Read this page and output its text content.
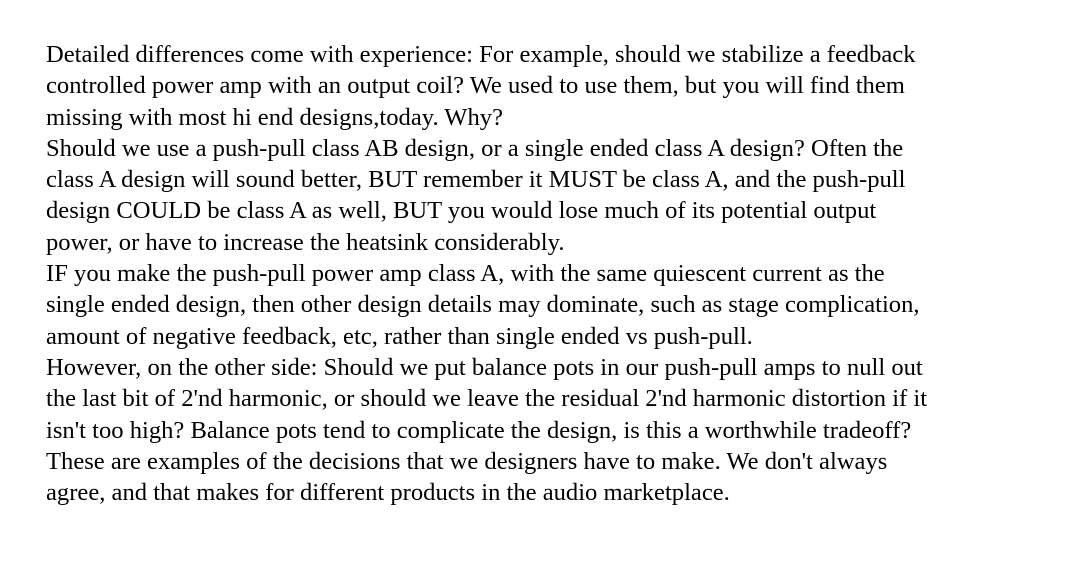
Detailed differences come with experience: For example, should we stabilize a feedback
controlled power amp with an output coil? We used to use them, but you will find them
missing with most hi end designs,today. Why?
Should we use a push-pull class AB design, or a single ended class A design? Often the
class A design will sound better, BUT remember it MUST be class A, and the push-pull
design COULD be class A as well, BUT you would lose much of its potential output
power, or have to increase the heatsink considerably.
IF you make the push-pull power amp class A, with the same quiescent current as the
single ended design, then other design details may dominate, such as stage complication,
amount of negative feedback, etc, rather than single ended vs push-pull.
However, on the other side: Should we put balance pots in our push-pull amps to null out
the last bit of 2'nd harmonic, or should we leave the residual 2'nd harmonic distortion if it
isn't too high? Balance pots tend to complicate the design, is this a worthwhile tradeoff?
These are examples of the decisions that we designers have to make. We don't always
agree, and that makes for different products in the audio marketplace.
